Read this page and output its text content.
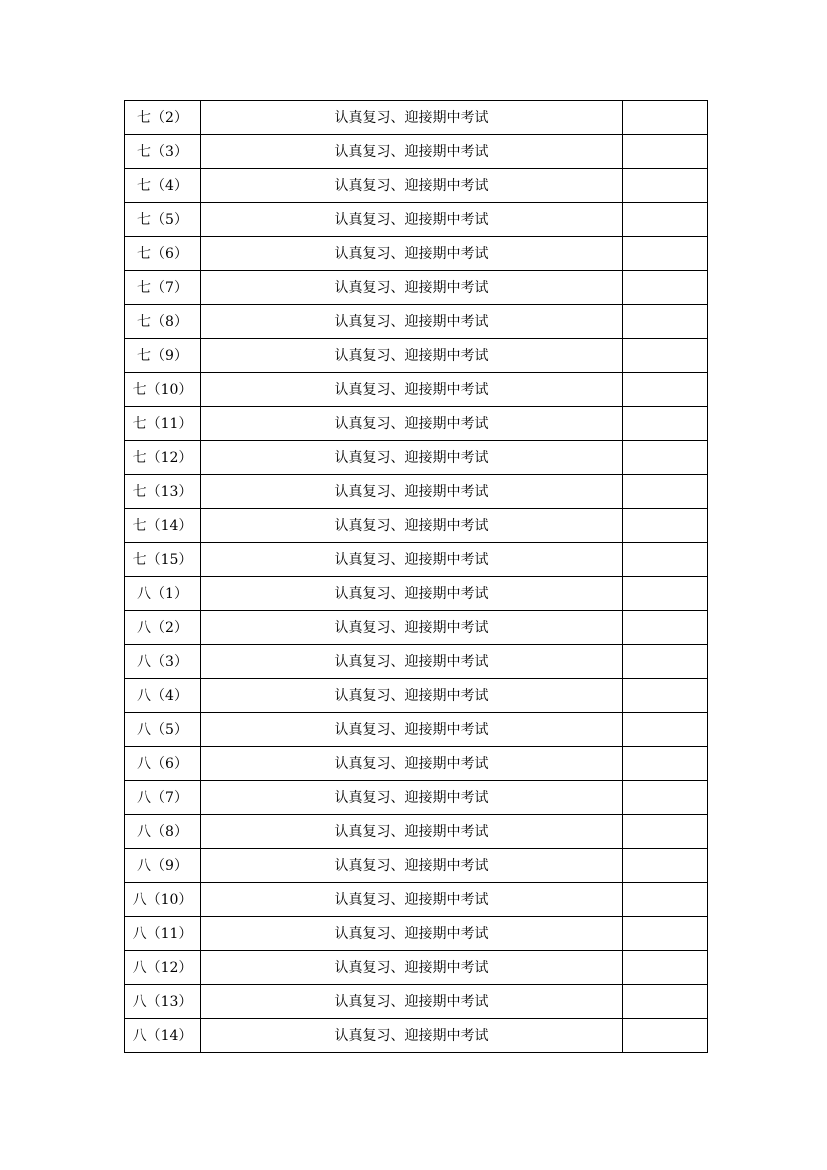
七（2）	认真复习、迎接期中考试	
七（3）	认真复习、迎接期中考试	
七（4）	认真复习、迎接期中考试	
七（5）	认真复习、迎接期中考试	
七（6）	认真复习、迎接期中考试	
七（7）	认真复习、迎接期中考试	
七（8）	认真复习、迎接期中考试	
七（9）	认真复习、迎接期中考试	
七（10）	认真复习、迎接期中考试	
七（11）	认真复习、迎接期中考试	
七（12）	认真复习、迎接期中考试	
七（13）	认真复习、迎接期中考试	
七（14）	认真复习、迎接期中考试	
七（15）	认真复习、迎接期中考试	
八（1）	认真复习、迎接期中考试	
八（2）	认真复习、迎接期中考试	
八（3）	认真复习、迎接期中考试	
八（4）	认真复习、迎接期中考试	
八（5）	认真复习、迎接期中考试	
八（6）	认真复习、迎接期中考试	
八（7）	认真复习、迎接期中考试	
八（8）	认真复习、迎接期中考试	
八（9）	认真复习、迎接期中考试	
八（10）	认真复习、迎接期中考试	
八（11）	认真复习、迎接期中考试	
八（12）	认真复习、迎接期中考试	
八（13）	认真复习、迎接期中考试	
八（14）	认真复习、迎接期中考试	
